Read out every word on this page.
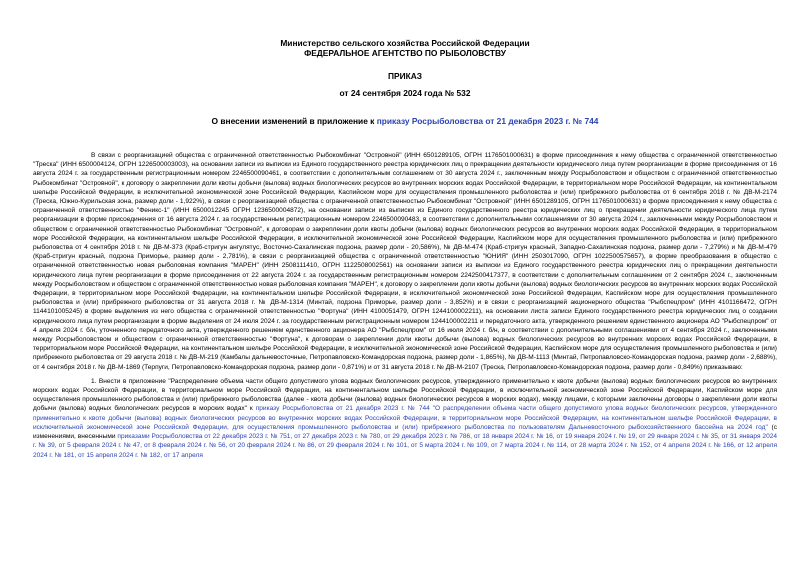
Министерство сельского хозяйства Российской Федерации
ФЕДЕРАЛЬНОЕ АГЕНТСТВО ПО РЫБОЛОВСТВУ
ПРИКАЗ
от 24 сентября 2024 года № 532
О внесении изменений в приложение к приказу Росрыболовства от 21 декабря 2023 г. № 744

В связи с реорганизацией общества с ограниченной ответственностью Рыбокомбинат "Островной" (ИНН 6501289105, ОГРН 1176501000631) в форме присоединения к нему общества с ограниченной ответственностью "Треска" (ИНН 6500004124, ОГРН 1226500003003), на основании записи из выписки из Единого государственного реестра юридических лиц о прекращении деятельности юридического лица путем реорганизации в форме присоединения от 16 августа 2024 г. за государственным регистрационным номером 2246500090461, в соответствии с дополнительным соглашением от 30 августа 2024 г., заключенным между Росрыболовством и обществом с ограниченной ответственностью Рыбокомбинат "Островной", к договору о закреплении доли квоты добычи (вылова) водных биологических ресурсов во внутренних морских водах Российской Федерации, в территориальном море Российской Федерации, на континентальном шельфе Российской Федерации, в исключительной экономической зоне Российской Федерации, Каспийском море для осуществления промышленного рыболовства и (или) прибрежного рыболовства от 6 сентября 2018 г. № ДВ-М-2174 (Треска, Южно-Курильская зона, размер доли - 1,922%), в связи с реорганизацией общества с ограниченной ответственностью Рыбокомбинат "Островной" (ИНН 6501289105, ОГРН 1176501000631) в форме присоединения к нему общества с ограниченной ответственностью "Феникс-1" (ИНН 6500012245 ОГРН 1236500004872), на основании записи из выписки из Единого государственного реестра юридических лиц о прекращении деятельности юридического лица путем реорганизации в форме присоединения от 16 августа 2024 г. за государственным регистрационным номером 2246500090483, в соответствии с дополнительными соглашениями от 30 августа 2024 г., заключенными между Росрыболовством и обществом с ограниченной ответственностью Рыбокомбинат "Островной", к договорам о закреплении доли квоты добычи (вылова) водных биологических ресурсов во внутренних морских водах Российской Федерации, в территориальном море Российской Федерации, на континентальном шельфе Российской Федерации, в исключительной экономической зоне Российской Федерации, Каспийском море для осуществления промышленного рыболовства и (или) прибрежного рыболовства от 4 сентября 2018 г. № ДВ-М-373 (Краб-стригун ангулятус, Восточно-Сахалинская подзона, размер доли - 20,586%), № ДВ-М-474 (Краб-стригун красный, Западно-Сахалинская подзона, размер доли - 7,279%) и № ДВ-М-479 (Краб-стригун красный, подзона Приморье, размер доли - 2,781%), в связи с реорганизацией общества с ограниченной ответственностью "ЮНИЯ" (ИНН 2503017090, ОГРН 1022500575657), в форме преобразования в общество с ограниченной ответственностью новая рыболовная компания "МАРЕН" (ИНН 2508111410, ОГРН 1122508002561) на основании записи из выписки из Единого государственного реестра юридических лиц о прекращении деятельности юридического лица путем реорганизации в форме присоединения от 22 августа 2024 г. за государственным регистрационным номером 2242500417377, в соответствии с дополнительным соглашением от 2 сентября 2024 г., заключенным между Росрыболовством и обществом с ограниченной ответственностью новая рыболовная компания "МАРЕН", к договору о закреплении доли квоты добычи (вылова) водных биологических ресурсов во внутренних морских водах Российской Федерации, в территориальном море Российской Федерации, на континентальном шельфе Российской Федерации, в исключительной экономической зоне Российской Федерации, Каспийском море для осуществления промышленного рыболовства и (или) прибрежного рыболовства от 31 августа 2018 г. № ДВ-М-1314 (Минтай, подзона Приморье, размер доли - 3,852%) и в связи с реорганизацией акционерного общества "Рыбспецпром" (ИНН 4101166472, ОГРН 1144101005245) в форме выделения из него общества с ограниченной ответственностью "Фортуна" (ИНН 4100051479, ОГРН 1244100002211), на основании листа записи Единого государственного реестра юридических лиц о создании юридического лица путем реорганизации в форме выделения от 24 июля 2024 г. за государственным регистрационным номером 1244100002211 и передаточного акта, утвержденного решением единственного акционера АО "Рыбспецпром" от 4 апреля 2024 г. б/н, уточненного передаточного акта, утвержденного решением единственного акционера АО "Рыбспецпром" от 16 июля 2024 г. б/н, в соответствии с дополнительными соглашениями от 4 сентября 2024 г., заключенными между Росрыболовством и обществом с ограниченной ответственностью "Фортуна", к договорам о закреплении доли квоты добычи (вылова) водных биологических ресурсов во внутренних морских водах Российской Федерации, в территориальном море Российской Федерации, на континентальном шельфе Российской Федерации, в исключительной экономической зоне Российской Федерации, Каспийском море для осуществления промышленного рыболовства и (или) прибрежного рыболовства от 29 августа 2018 г. № ДВ-М-219 (Камбалы дальневосточные, Петропавловско-Командорская подзона, размер доли - 1,865%), № ДВ-М-1113 (Минтай, Петропавловско-Командорская подзона, размер доли - 2,688%), от 4 сентября 2018 г. № ДВ-М-1869 (Терпуги, Петропавловско-Командорская подзона, размер доли - 0,871%) и от 31 августа 2018 г. № ДВ-М-2107 (Треска, Петропавловско-Командорская подзона, размер доли - 0,849%) приказываю:

1. Внести в приложение "Распределение объема части общего допустимого улова водных биологических ресурсов, утвержденного применительно к квоте добычи (вылова) водных биологических ресурсов во внутренних морских водах Российской Федерации, в территориальном море Российской Федерации, на континентальном шельфе Российской Федерации, в исключительной экономической зоне Российской Федерации, Каспийском море для осуществления промышленного рыболовства и (или) прибрежного рыболовства (далее - квота добычи (вылова) водных биологических ресурсов в морских водах), между лицами, с которыми заключены договоры о закреплении доли квоты добычи (вылова) водных биологических ресурсов в морских водах" к приказу Росрыболовства от 21 декабря 2023 г. № 744 "О распределении объема части общего допустимого улова водных биологических ресурсов, утвержденного применительно к квоте добычи (вылова) водных биологических ресурсов во внутренних морских водах Российской Федерации, в территориальном море Российской Федерации, на континентальном шельфе Российской Федерации, в исключительной экономической зоне Российской Федерации, для осуществления промышленного рыболовства и (или) прибрежного рыболовства по пользователям Дальневосточного рыбохозяйственного бассейна на 2024 год" (с изменениями, внесенными приказами Росрыболовства от 22 декабря 2023 г. № 751, от 27 декабря 2023 г. № 780, от 29 декабря 2023 г. № 786, от 18 января 2024 г. № 16, от 19 января 2024 г. № 19, от 29 января 2024 г. № 35, от 31 января 2024 г. № 39, от 5 февраля 2024 г. № 47, от 8 февраля 2024 г. № 56, от 20 февраля 2024 г. № 86, от 29 февраля 2024 г. № 101, от 5 марта 2024 г. № 109, от 7 марта 2024 г. № 114, от 28 марта 2024 г. № 152, от 4 апреля 2024 г. № 166, от 12 апреля 2024 г. № 181, от 15 апреля 2024 г. № 182, от 17 апреля
